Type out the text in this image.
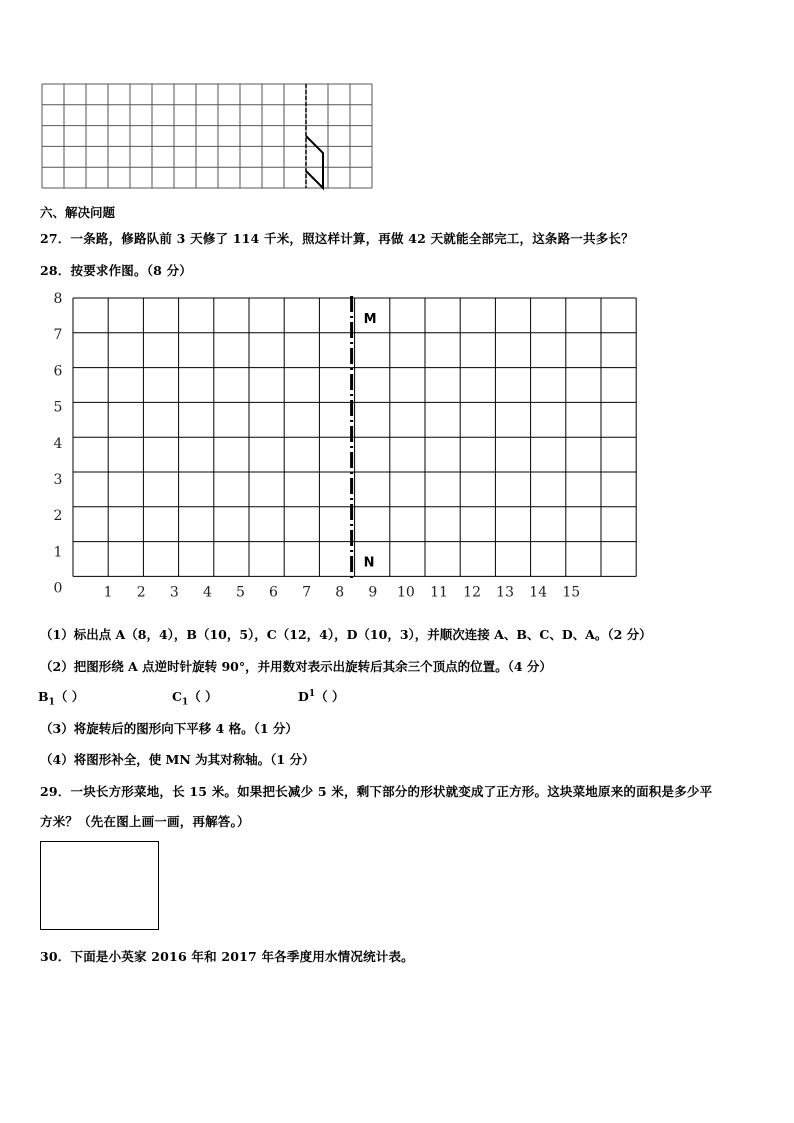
六、解决问题
27．一条路，修路队前 3 天修了 114 千米，照这样计算，再做 42 天就能全部完工，这条路一共多长？
28．按要求作图。（8 分）
1 2 3 4 5 6 7 8 9 10 11 12 13 14 15
8
7
6
5
4
3
2
1
0
M
N
（1）标出点 A（8，4），B（10，5），C（12，4），D（10，3），并顺次连接 A、B、C、D、A。（2 分）
（2）把图形绕 A 点逆时针旋转 90°，并用数对表示出旋转后其余三个顶点的位置。（4 分）
$B_1$（ ）	$C_1$（ ）	$D^1$（ ）
（3）将旋转后的图形向下平移 4 格。（1 分）
（4）将图形补全，使 MN 为其对称轴。（1 分）
29．一块长方形菜地，长 15 米。如果把长减少 5 米，剩下部分的形状就变成了正方形。这块菜地原来的面积是多少平
方米？（先在图上画一画，再解答。）
30．下面是小英家 2016 年和 2017 年各季度用水情况统计表。
